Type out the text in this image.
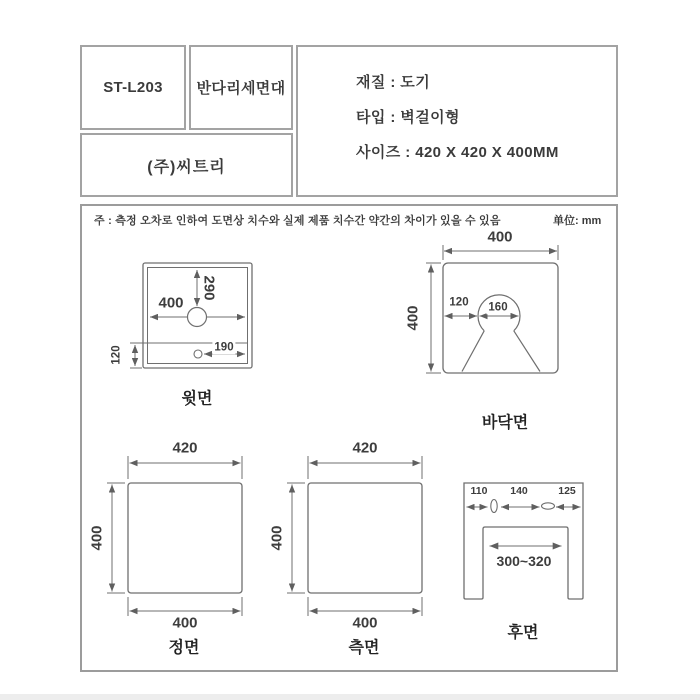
ST-L203 반다리세면대
(주)씨트리
재질 : 도기
타입 : 벽걸이형
사이즈 : 420 X 420 X 400MM
주 : 측정 오차로 인하여 도면상 치수와 실제 제품 치수간 약간의 차이가 있을 수 있음	单位: mm
400
290
190
120
윗면
400
400
120 160
바닥면
420
400
400
정면
420
400
400
측면
110 140	125
300~320
후면
